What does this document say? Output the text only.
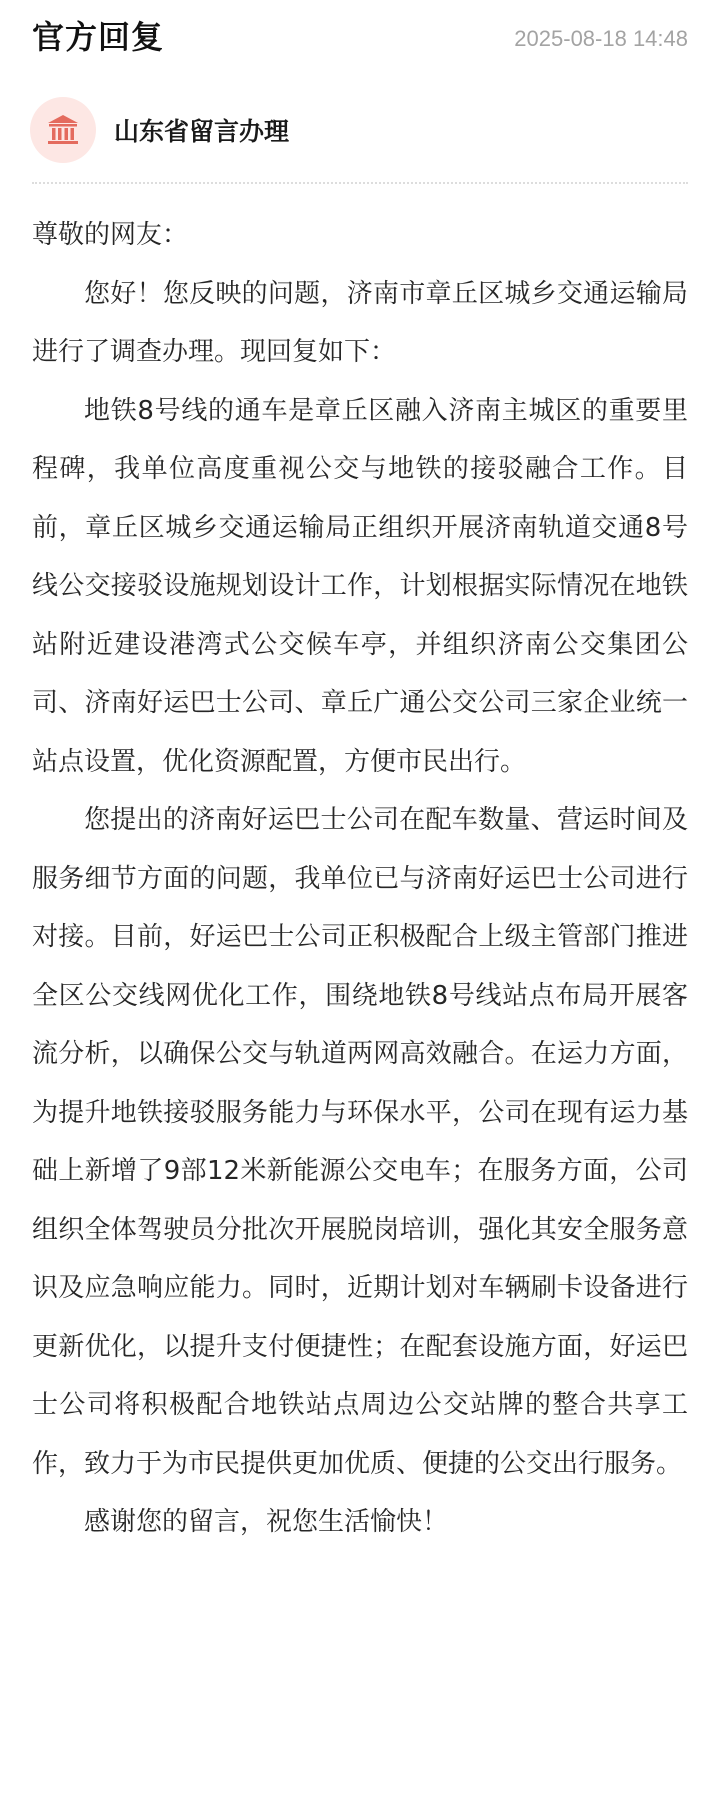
官方回复	2025-08-18 14:48
山东省留言办理

尊敬的网友：

您好！您反映的问题，济南市章丘区城乡交通运输局进行了调查办理。现回复如下：

地铁8号线的通车是章丘区融入济南主城区的重要里程碑，我单位高度重视公交与地铁的接驳融合工作。目前，章丘区城乡交通运输局正组织开展济南轨道交通8号线公交接驳设施规划设计工作，计划根据实际情况在地铁站附近建设港湾式公交候车亭，并组织济南公交集团公司、济南好运巴士公司、章丘广通公交公司三家企业统一站点设置，优化资源配置，方便市民出行。

您提出的济南好运巴士公司在配车数量、营运时间及服务细节方面的问题，我单位已与济南好运巴士公司进行对接。目前，好运巴士公司正积极配合上级主管部门推进全区公交线网优化工作，围绕地铁8号线站点布局开展客流分析，以确保公交与轨道两网高效融合。在运力方面，为提升地铁接驳服务能力与环保水平，公司在现有运力基础上新增了9部12米新能源公交电车；在服务方面，公司组织全体驾驶员分批次开展脱岗培训，强化其安全服务意识及应急响应能力。同时，近期计划对车辆刷卡设备进行更新优化，以提升支付便捷性；在配套设施方面，好运巴士公司将积极配合地铁站点周边公交站牌的整合共享工作，致力于为市民提供更加优质、便捷的公交出行服务。

感谢您的留言，祝您生活愉快！
